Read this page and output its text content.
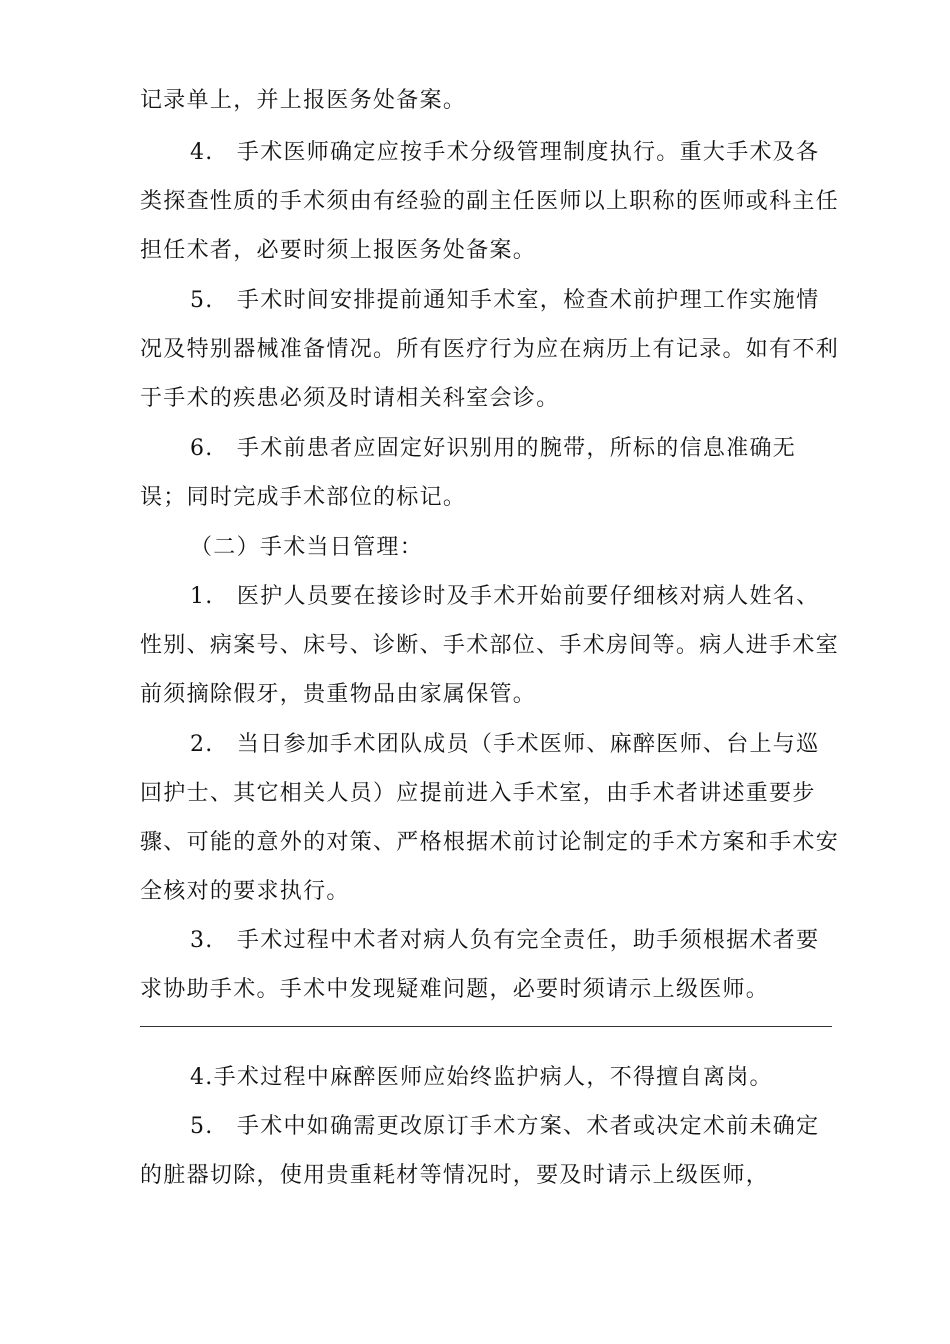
记录单上，并上报医务处备案。

4.　手术医师确定应按手术分级管理制度执行。重大手术及各类探查性质的手术须由有经验的副主任医师以上职称的医师或科主任担任术者，必要时须上报医务处备案。

5.　手术时间安排提前通知手术室，检查术前护理工作实施情况及特别器械准备情况。所有医疗行为应在病历上有记录。如有不利于手术的疾患必须及时请相关科室会诊。

6.　手术前患者应固定好识别用的腕带，所标的信息准确无误；同时完成手术部位的标记。

（二）手术当日管理：

1.　医护人员要在接诊时及手术开始前要仔细核对病人姓名、性别、病案号、床号、诊断、手术部位、手术房间等。病人进手术室前须摘除假牙，贵重物品由家属保管。

2.　当日参加手术团队成员（手术医师、麻醉医师、台上与巡回护士、其它相关人员）应提前进入手术室，由手术者讲述重要步骤、可能的意外的对策、严格根据术前讨论制定的手术方案和手术安全核对的要求执行。

3.　手术过程中术者对病人负有完全责任，助手须根据术者要求协助手术。手术中发现疑难问题，必要时须请示上级医师。

4.手术过程中麻醉医师应始终监护病人，不得擅自离岗。

5.　手术中如确需更改原订手术方案、术者或决定术前未确定的脏器切除，使用贵重耗材等情况时，要及时请示上级医师，
